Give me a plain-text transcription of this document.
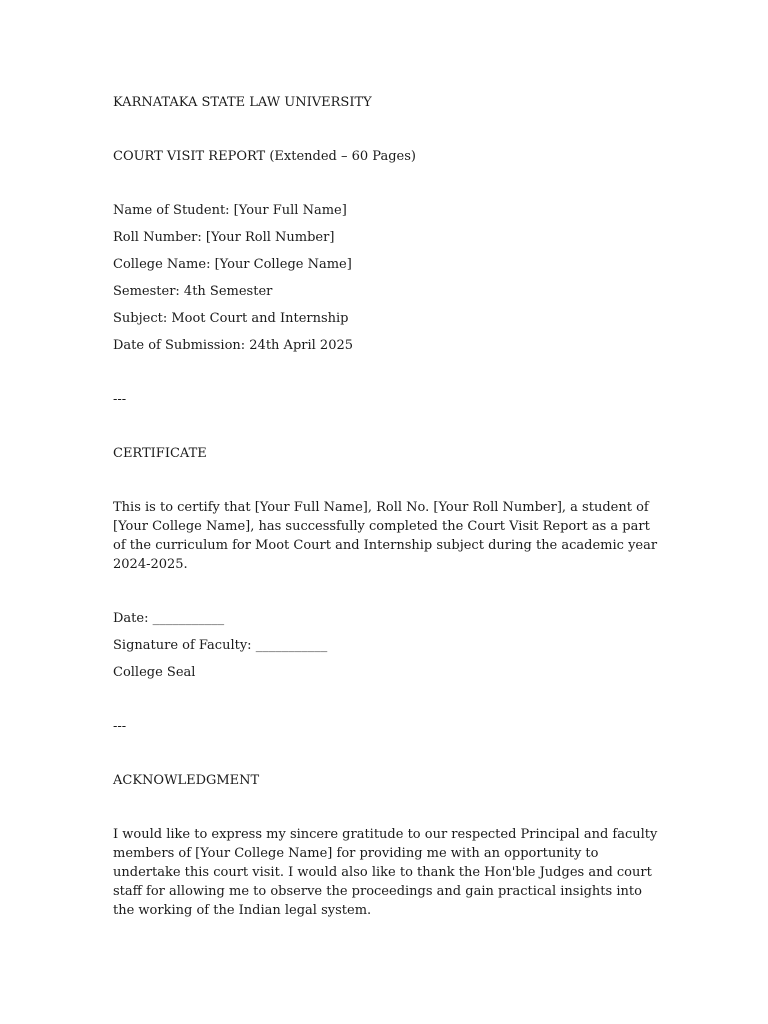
KARNATAKA STATE LAW UNIVERSITY

COURT VISIT REPORT (Extended – 60 Pages)

Name of Student: [Your Full Name]

Roll Number: [Your Roll Number]

College Name: [Your College Name]

Semester: 4th Semester

Subject: Moot Court and Internship

Date of Submission: 24th April 2025

---

CERTIFICATE

This is to certify that [Your Full Name], Roll No. [Your Roll Number], a student of [Your College Name], has successfully completed the Court Visit Report as a part of the curriculum for Moot Court and Internship subject during the academic year 2024-2025.

Date: ___________

Signature of Faculty: ___________

College Seal

---

ACKNOWLEDGMENT

I would like to express my sincere gratitude to our respected Principal and faculty members of [Your College Name] for providing me with an opportunity to undertake this court visit. I would also like to thank the Hon'ble Judges and court staff for allowing me to observe the proceedings and gain practical insights into the working of the Indian legal system.
